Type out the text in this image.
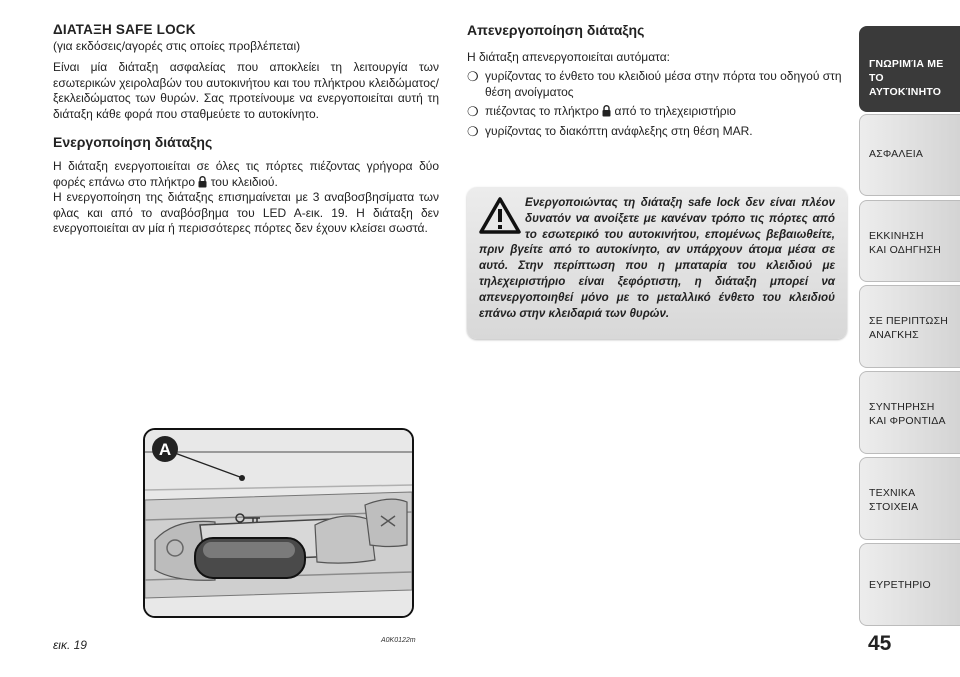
ΔΙΑΤΑΞΗ SAFE LOCK
(για εκδόσεις/αγορές στις οποίες προβλέπεται)

Είναι μία διάταξη ασφαλείας που αποκλείει τη λειτουργία των εσωτερικών χειρολαβών του αυτοκινήτου και του πλήκτρου κλειδώματος/ξεκλειδώματος των θυρών. Σας προτείνουμε να ενεργοποιείται αυτή τη διάταξη κάθε φορά που σταθμεύετε το αυτοκίνητο.

Ενεργοποίηση διάταξης

Η διάταξη ενεργοποιείται σε όλες τις πόρτες πιέζοντας γρήγορα δύο φορές επάνω στο πλήκτρο του κλειδιού.

Η ενεργοποίηση της διάταξης επισημαίνεται με 3 αναβοσβησίματα των φλας και από το αναβόσβημα του LED A-εικ. 19. Η διάταξη δεν ενεργοποιείται αν μία ή περισσότερες πόρτες δεν έχουν κλείσει σωστά.

Απενεργοποίηση διάταξης
Η διάταξη απενεργοποιείται αυτόματα:
❍ γυρίζοντας το ένθετο του κλειδιού μέσα στην πόρτα του οδηγού στη θέση ανοίγματος
❍ πιέζοντας το πλήκτρο από το τηλεχειριστήριο
❍ γυρίζοντας το διακόπτη ανάφλεξης στη θέση MAR.
Ενεργοποιώντας τη διάταξη safe lock δεν είναι πλέον δυνατόν να ανοίξετε με κανέναν τρόπο τις πόρτες από το εσωτερικό του αυτοκινήτου, επομένως βεβαιωθείτε, πριν βγείτε από το αυτοκίνητο, αν υπάρχουν άτομα μέσα σε αυτό. Στην περίπτωση που η μπαταρία του κλειδιού με τηλεχειριστήριο είναι ξεφόρτιστη, η διάταξη μπορεί να απενεργοποιηθεί μόνο με το μεταλλικό ένθετο του κλειδιού επάνω στην κλειδαριά των θυρών.
A
εικ. 19	A0K0122m	45
ΓΝΩΡΙΜΊΑ ΜΕ ΤΟ
ΑΥΤΟΚΊΝΗΤΟ
ΑΣΦΑΛΕΙΑ
ΕΚΚΙΝΗΣΗ
ΚΑΙ ΟΔΗΓΗΣΗ
ΣΕ ΠΕΡΙΠΤΩΣΗ
ΑΝΑΓΚΗΣ
ΣΥΝΤΗΡΗΣΗ
ΚΑΙ ΦΡΟΝΤΙΔΑ
ΤΕΧΝΙΚΑ
ΣΤΟΙΧΕΙΑ
ΕΥΡΕΤΗΡΙΟ
